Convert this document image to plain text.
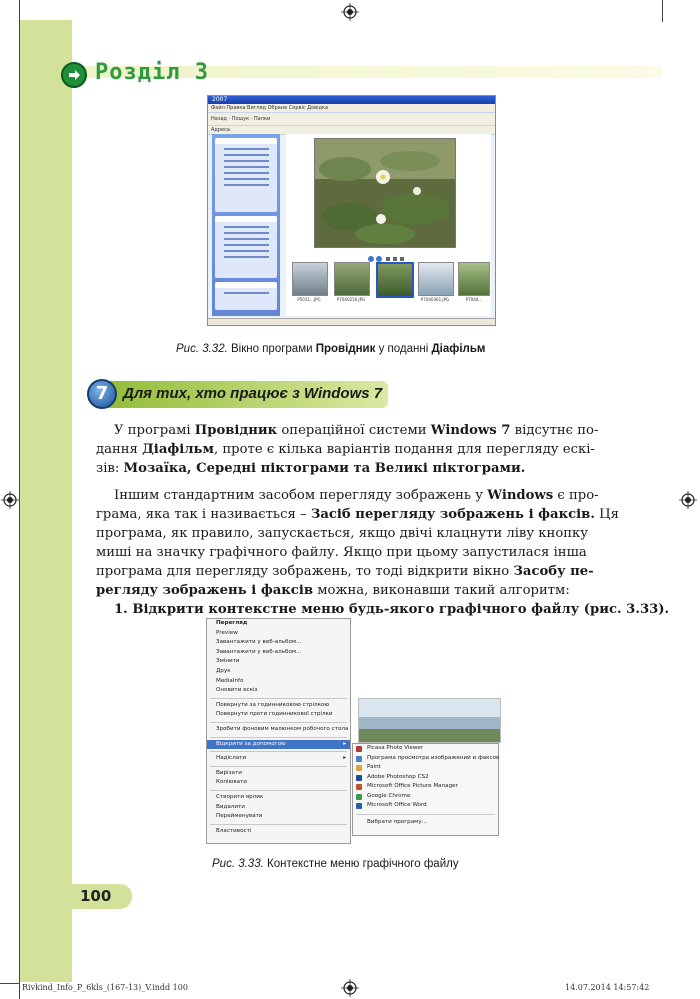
Розділ 3
2007
Файл Правка Вигляд Обране Сервіс Довідка
Назад · Пошук · Папки
Адреса
P5011…JPG	P7040216.JPG	P7040361.JPG	P7040…
Рис. 3.32. Вікно програми Провідник у поданні Діафільм
7 Для тих, хто працює з Windows 7
У програмі Провідник операційної системи Windows 7 відсутнє по-
дання Діафільм, проте є кілька варіантів подання для перегляду ескі-
зів: Мозаїка, Середні піктограми та Великі піктограми.
Іншим стандартним засобом перегляду зображень у Windows є про-
грама, яка так і називається – Засіб перегляду зображень і факсів. Ця
програма, як правило, запускається, якщо двічі клацнути ліву кнопку
миші на значку графічного файлу. Якщо при цьому запустилася інша
програма для перегляду зображень, то тоді відкрити вікно Засобу пе-
регляду зображень і факсів можна, виконавши такий алгоритм:
1. Відкрити контекстне меню будь-якого графічного файлу (рис. 3.33).
Перегляд
Preview
Завантажити у веб-альбом...
Завантажити у веб-альбом...
Змінити
Друк
MediaInfo
Оновити ескіз
Повернути за годинниковою стрілкою
Повернути проти годинникової стрілки
Зробити фоновим малюнком робочого стола
Відкрити за допомогою	▸
Надіслати	▸
Вирізати
Копіювати
Створити ярлик
Видалити
Перейменувати
Властивості
Picasa Photo Viewer
Програма просмотра изображений и факсов
Paint
Adobe Photoshop CS2
Microsoft Office Picture Manager
Google Chrome
Microsoft Office Word
Вибрати програму...
Рис. 3.33. Контекстне меню графічного файлу
100
Rivkind_Info_P_6kls_(167-13)_V.indd 100	14.07.2014 14:57:42
